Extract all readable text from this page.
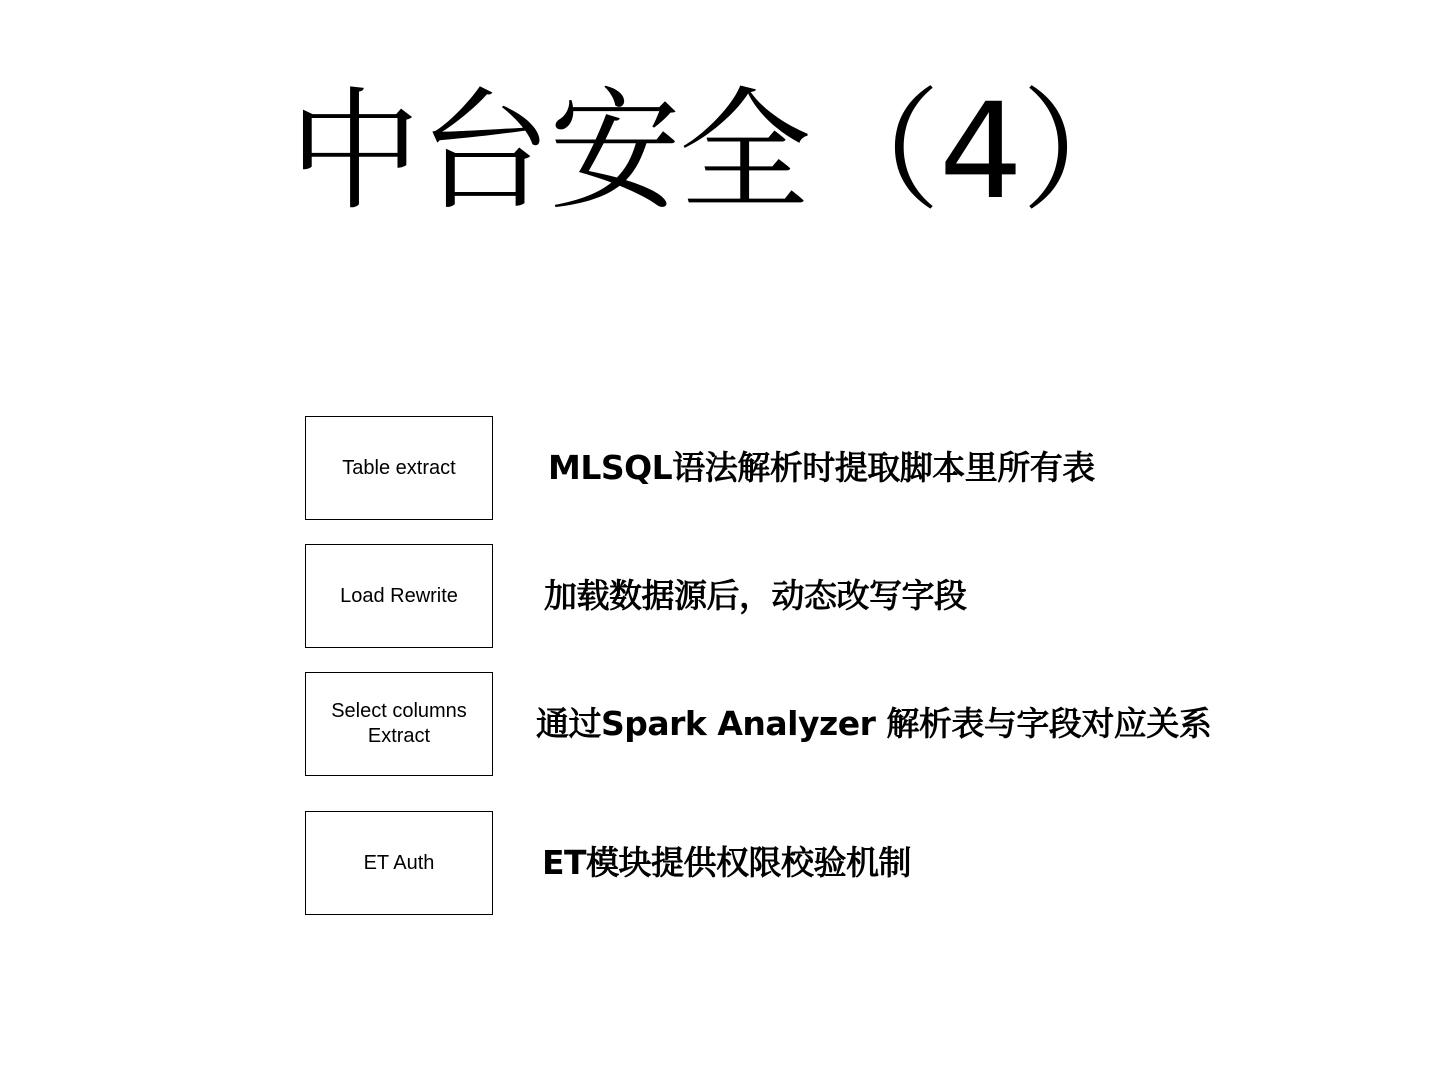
中台安全（4）
Table extract	MLSQL语法解析时提取脚本里所有表
Load Rewrite	加载数据源后，动态改写字段
Select columns Extract	通过Spark Analyzer 解析表与字段对应关系
ET Auth	ET模块提供权限校验机制
